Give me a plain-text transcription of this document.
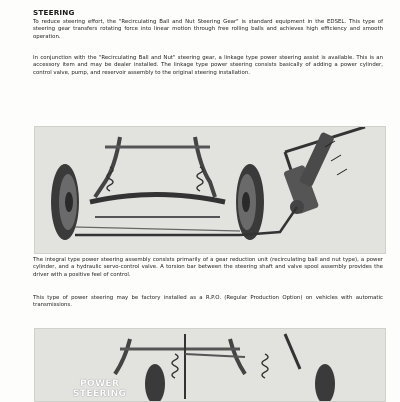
STEERING

To reduce steering effort, the "Recirculating Ball and Nut Steering Gear" is standard equipment in the EDSEL. This type of steering gear transfers rotating force into linear motion through free rolling balls and achieves high efficiency and smooth operation.

In conjunction with the "Recirculating Ball and Nut" steering gear, a linkage type power steering assist is available. This is an accessory item and may be dealer installed. The linkage type power steering consists basically of adding a power cylinder, control valve, pump, and reservoir assembly to the original steering installation.

The integral type power steering assembly consists primarily of a gear reduction unit (recirculating ball and nut type), a power cylinder, and a hydraulic servo-control valve. A torsion bar between the steering shaft and valve spool assembly provides the driver with a positive feel of control.

This type of power steering may be factory installed as a R.P.O. (Regular Production Option) on vehicles with automatic transmissions.

POWER
STEERING
